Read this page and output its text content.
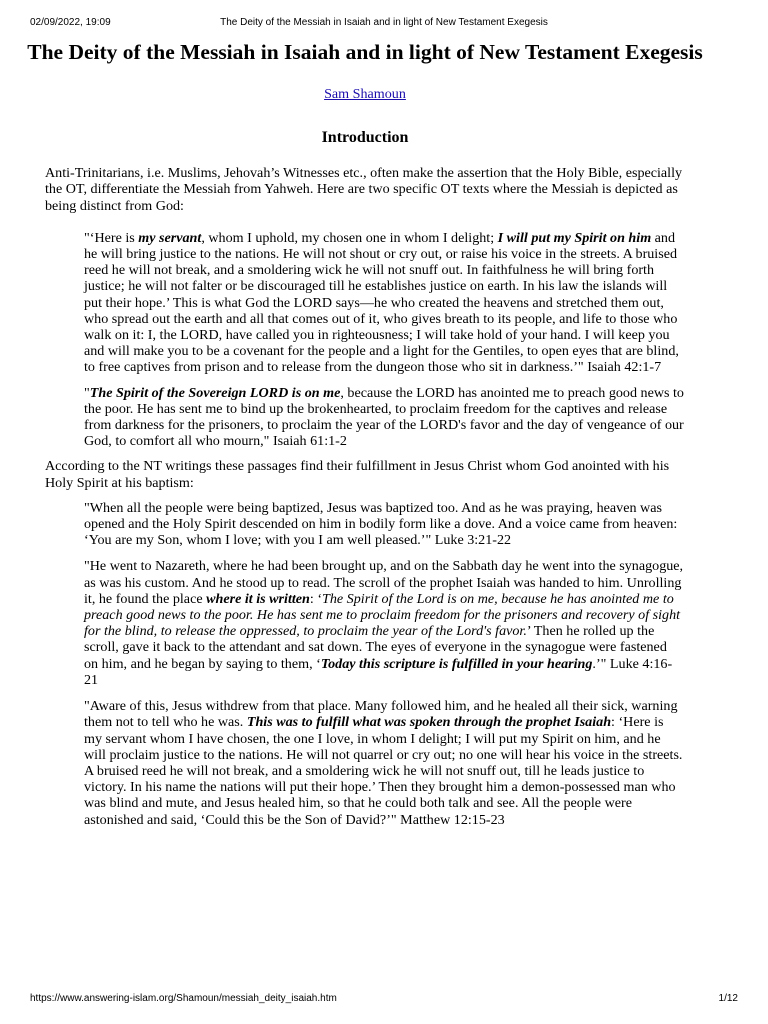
02/09/2022, 19:09	The Deity of the Messiah in Isaiah and in light of New Testament Exegesis
The Deity of the Messiah in Isaiah and in light of New Testament Exegesis
Sam Shamoun
Introduction

Anti-Trinitarians, i.e. Muslims, Jehovah’s Witnesses etc., often make the assertion that the Holy Bible, especially the OT, differentiate the Messiah from Yahweh. Here are two specific OT texts where the Messiah is depicted as being distinct from God:

"‘Here is my servant, whom I uphold, my chosen one in whom I delight; I will put my Spirit on him and he will bring justice to the nations. He will not shout or cry out, or raise his voice in the streets. A bruised reed he will not break, and a smoldering wick he will not snuff out. In faithfulness he will bring forth justice; he will not falter or be discouraged till he establishes justice on earth. In his law the islands will put their hope.’ This is what God the LORD says—he who created the heavens and stretched them out, who spread out the earth and all that comes out of it, who gives breath to its people, and life to those who walk on it: I, the LORD, have called you in righteousness; I will take hold of your hand. I will keep you and will make you to be a covenant for the people and a light for the Gentiles, to open eyes that are blind, to free captives from prison and to release from the dungeon those who sit in darkness.’" Isaiah 42:1-7

"The Spirit of the Sovereign LORD is on me, because the LORD has anointed me to preach good news to the poor. He has sent me to bind up the brokenhearted, to proclaim freedom for the captives and release from darkness for the prisoners, to proclaim the year of the LORD's favor and the day of vengeance of our God, to comfort all who mourn," Isaiah 61:1-2

According to the NT writings these passages find their fulfillment in Jesus Christ whom God anointed with his Holy Spirit at his baptism:

"When all the people were being baptized, Jesus was baptized too. And as he was praying, heaven was opened and the Holy Spirit descended on him in bodily form like a dove. And a voice came from heaven: ‘You are my Son, whom I love; with you I am well pleased.’" Luke 3:21-22

"He went to Nazareth, where he had been brought up, and on the Sabbath day he went into the synagogue, as was his custom. And he stood up to read. The scroll of the prophet Isaiah was handed to him. Unrolling it, he found the place where it is written: ‘The Spirit of the Lord is on me, because he has anointed me to preach good news to the poor. He has sent me to proclaim freedom for the prisoners and recovery of sight for the blind, to release the oppressed, to proclaim the year of the Lord's favor.’ Then he rolled up the scroll, gave it back to the attendant and sat down. The eyes of everyone in the synagogue were fastened on him, and he began by saying to them, ‘Today this scripture is fulfilled in your hearing.’" Luke 4:16-21

"Aware of this, Jesus withdrew from that place. Many followed him, and he healed all their sick, warning them not to tell who he was. This was to fulfill what was spoken through the prophet Isaiah: ‘Here is my servant whom I have chosen, the one I love, in whom I delight; I will put my Spirit on him, and he will proclaim justice to the nations. He will not quarrel or cry out; no one will hear his voice in the streets. A bruised reed he will not break, and a smoldering wick he will not snuff out, till he leads justice to victory. In his name the nations will put their hope.’ Then they brought him a demon-possessed man who was blind and mute, and Jesus healed him, so that he could both talk and see. All the people were astonished and said, ‘Could this be the Son of David?’" Matthew 12:15-23

https://www.answering-islam.org/Shamoun/messiah_deity_isaiah.htm	1/12
